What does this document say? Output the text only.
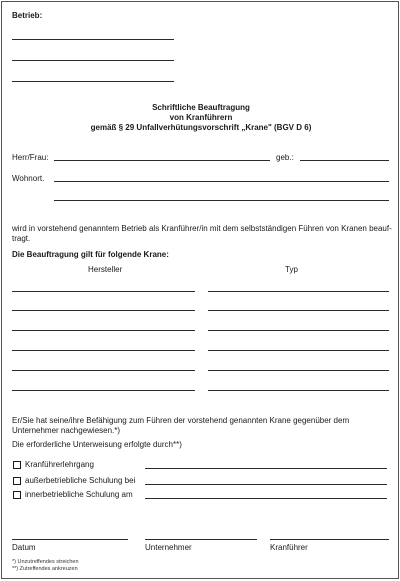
Betrieb:
Schriftliche Beauftragung
von Kranführern
gemäß § 29 Unfallverhütungsvorschrift „Krane" (BGV D 6)
Herr/Frau:	geb.:
Wohnort.
wird in vorstehend genanntem Betrieb als Kranführer/in mit dem selbstständigen Führen von Kranen beauf-
tragt.
Die Beauftragung gilt für folgende Krane:
Hersteller	Typ
Er/Sie hat seine/ihre Befähigung zum Führen der vorstehend genannten Krane gegenüber dem
Unternehmer nachgewiesen.*)
Die erforderliche Unterweisung erfolgte durch**)
Kranführerlehrgang
außerbetriebliche Schulung bei
innerbetriebliche Schulung am
Datum	Unternehmer	Kranführer
*) Unzutreffendes streichen
**) Zutreffendes ankreuzen
